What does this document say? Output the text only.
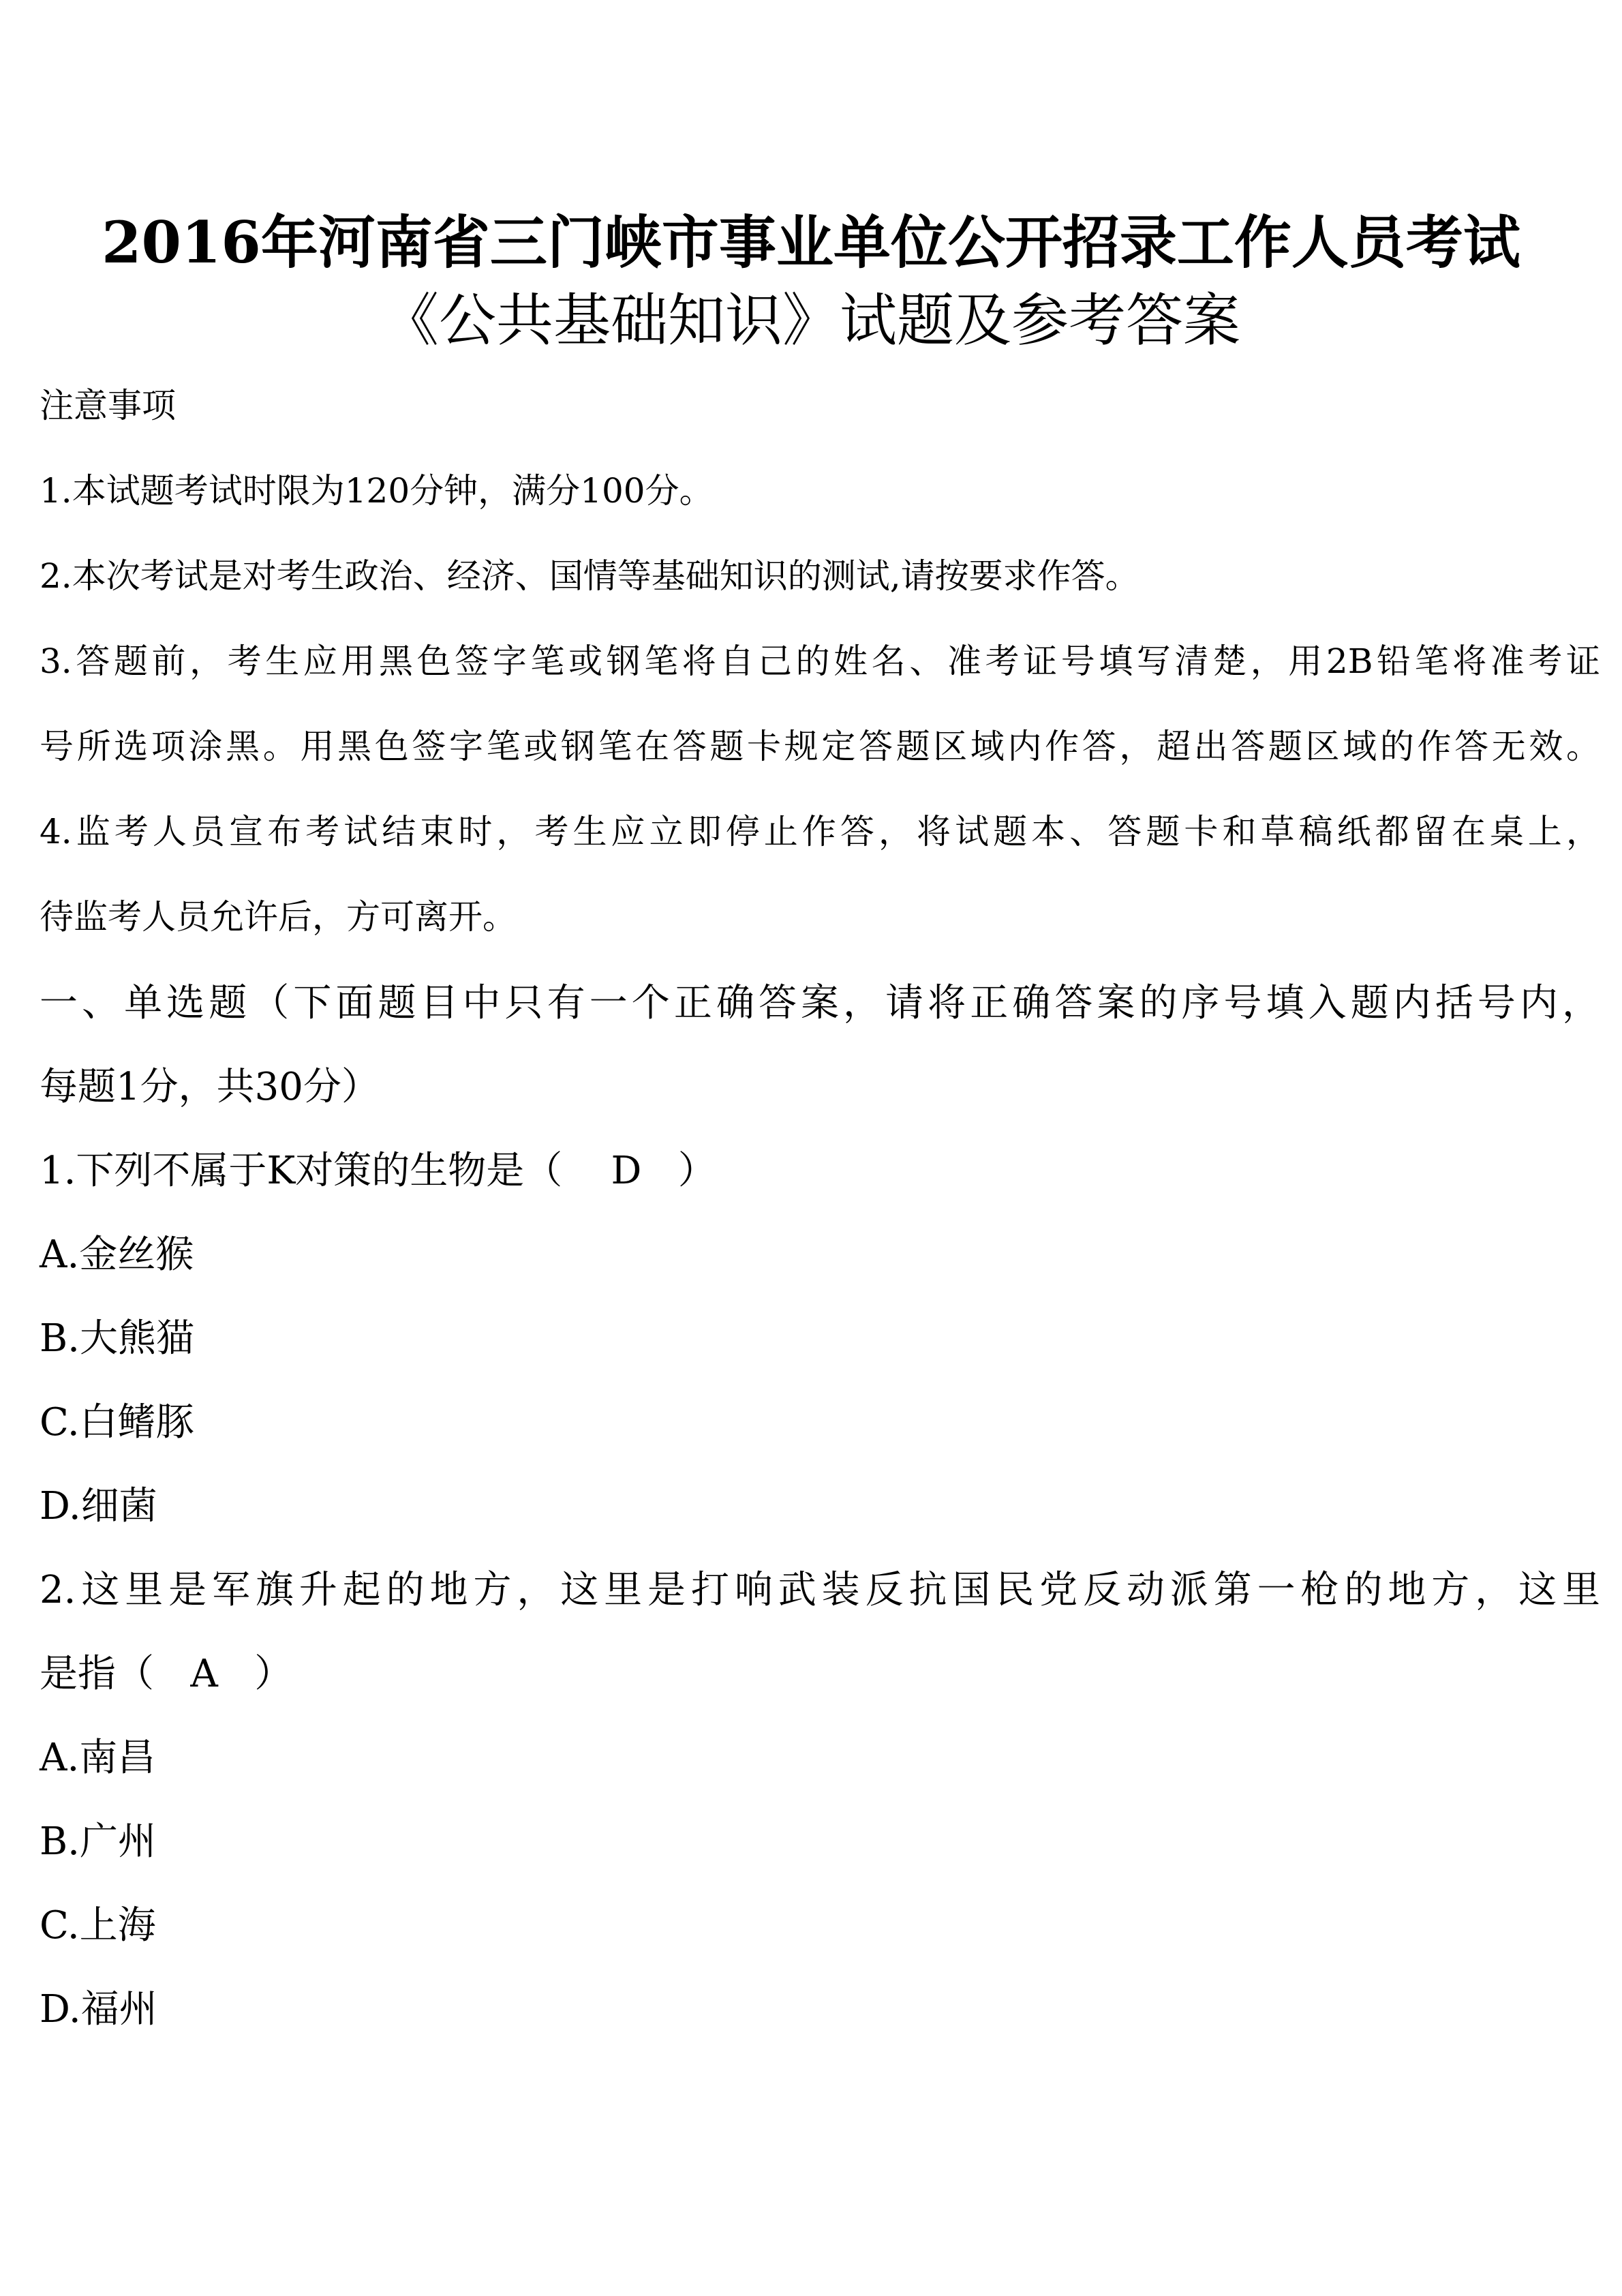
2016年河南省三门峡市事业单位公开招录工作人员考试
《公共基础知识》试题及参考答案
注意事项
1.本试题考试时限为120分钟，满分100分。
2.本次考试是对考生政治、经济、国情等基础知识的测试,请按要求作答。
3.答题前，考生应用黑色签字笔或钢笔将自己的姓名、准考证号填写清楚，用2B铅笔将准考证
号所选项涂黑。用黑色签字笔或钢笔在答题卡规定答题区域内作答，超出答题区域的作答无效。
4.监考人员宣布考试结束时，考生应立即停止作答，将试题本、答题卡和草稿纸都留在桌上，
待监考人员允许后，方可离开。
一、单选题（下面题目中只有一个正确答案，请将正确答案的序号填入题内括号内，
每题1分，共30分）
1.下列不属于K对策的生物是（ D ）
A.金丝猴
B.大熊猫
C.白鳍豚
D.细菌
2.这里是军旗升起的地方，这里是打响武装反抗国民党反动派第一枪的地方，这里
是指（ A ）
A.南昌
B.广州
C.上海
D.福州
